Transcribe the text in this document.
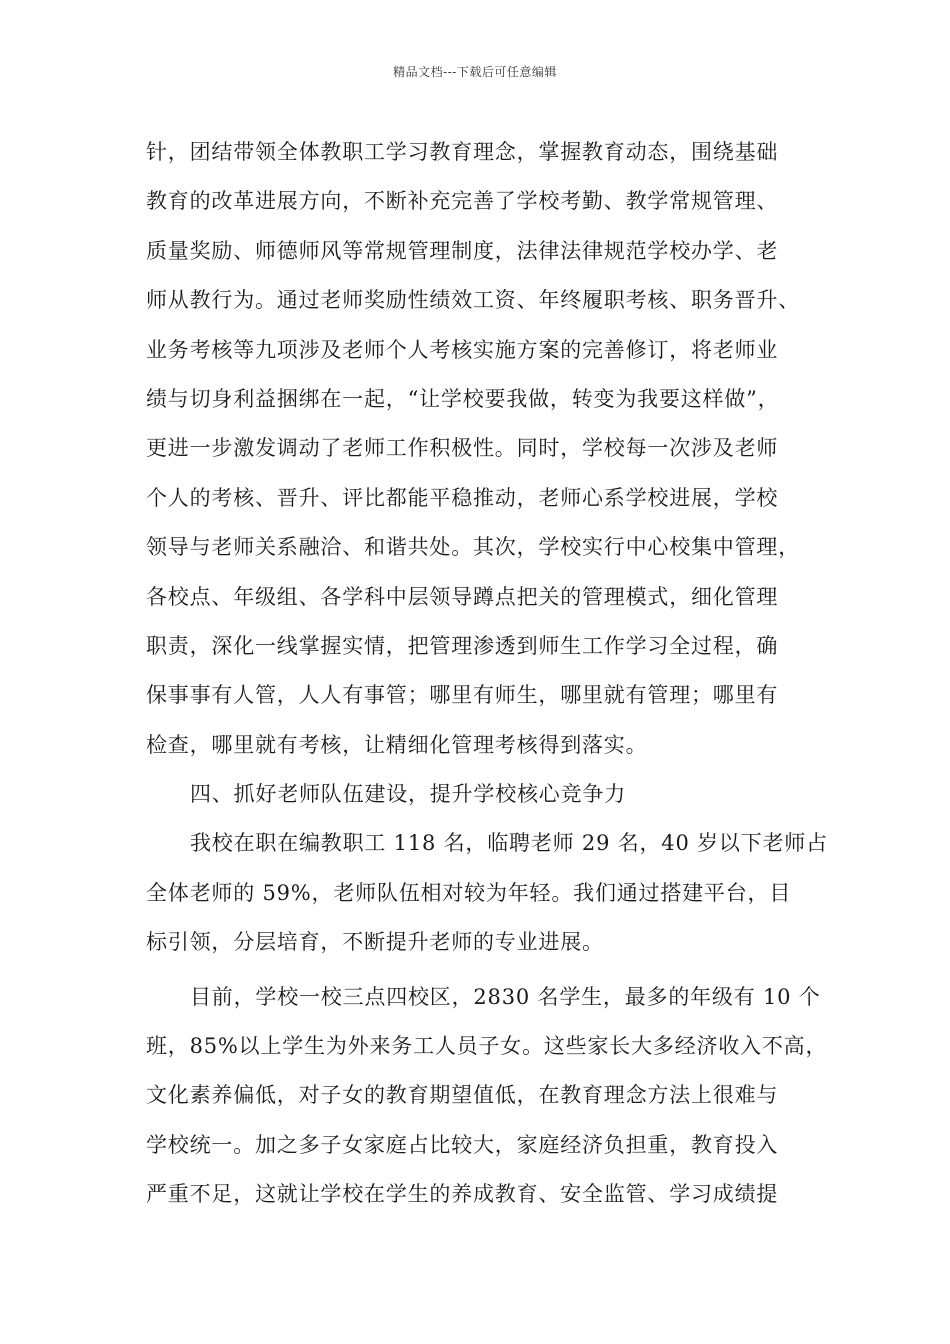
精品文档---下载后可任意编辑
针，团结带领全体教职工学习教育理念，掌握教育动态，围绕基础
教育的改革进展方向，不断补充完善了学校考勤、教学常规管理、
质量奖励、师德师风等常规管理制度，法律法律规范学校办学、老
师从教行为。通过老师奖励性绩效工资、年终履职考核、职务晋升、
业务考核等九项涉及老师个人考核实施方案的完善修订，将老师业
绩与切身利益捆绑在一起，“让学校要我做，转变为我要这样做”，
更进一步激发调动了老师工作积极性。同时，学校每一次涉及老师
个人的考核、晋升、评比都能平稳推动，老师心系学校进展，学校
领导与老师关系融洽、和谐共处。其次，学校实行中心校集中管理，
各校点、年级组、各学科中层领导蹲点把关的管理模式，细化管理
职责，深化一线掌握实情，把管理渗透到师生工作学习全过程，确
保事事有人管，人人有事管；哪里有师生，哪里就有管理；哪里有
检查，哪里就有考核，让精细化管理考核得到落实。
四、抓好老师队伍建设，提升学校核心竞争力
我校在职在编教职工 118 名，临聘老师 29 名，40 岁以下老师占
全体老师的 59%，老师队伍相对较为年轻。我们通过搭建平台，目
标引领，分层培育，不断提升老师的专业进展。
目前，学校一校三点四校区，2830 名学生，最多的年级有 10 个
班，85%以上学生为外来务工人员子女。这些家长大多经济收入不高，
文化素养偏低，对子女的教育期望值低，在教育理念方法上很难与
学校统一。加之多子女家庭占比较大，家庭经济负担重，教育投入
严重不足，这就让学校在学生的养成教育、安全监管、学习成绩提
